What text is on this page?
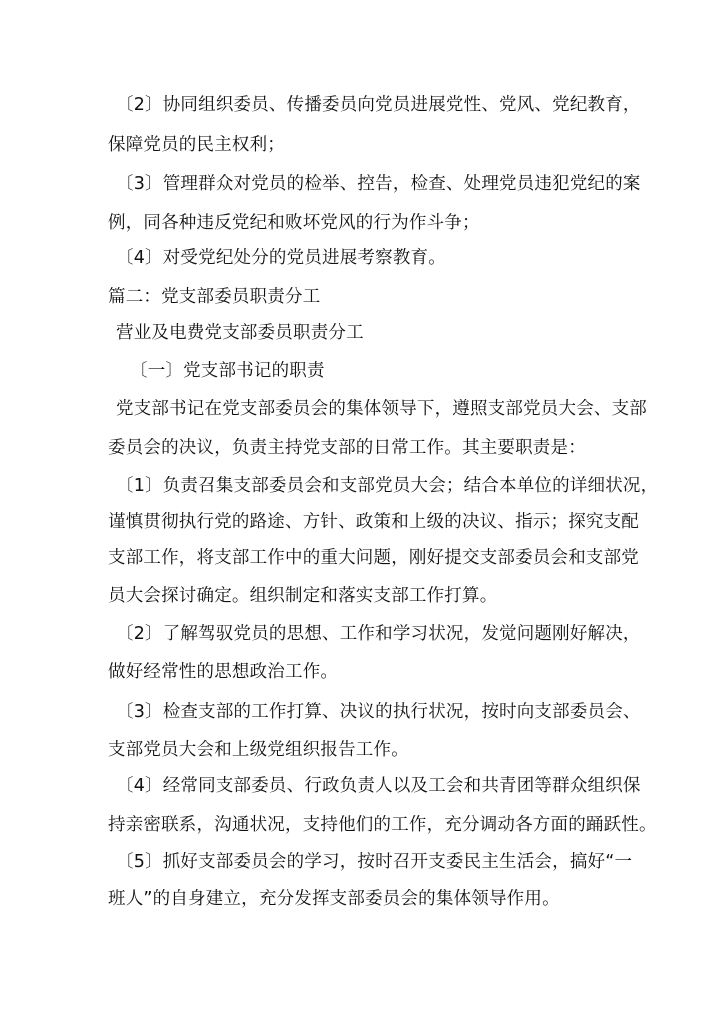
〔2〕协同组织委员、传播委员向党员进展党性、党风、党纪教育，
保障党员的民主权利；
〔3〕管理群众对党员的检举、控告，检查、处理党员违犯党纪的案
例，同各种违反党纪和败坏党风的行为作斗争；
〔4〕对受党纪处分的党员进展考察教育。
篇二：党支部委员职责分工
营业及电费党支部委员职责分工
〔一〕党支部书记的职责
党支部书记在党支部委员会的集体领导下，遵照支部党员大会、支部
委员会的决议，负责主持党支部的日常工作。其主要职责是：
〔1〕负责召集支部委员会和支部党员大会；结合本单位的详细状况，
谨慎贯彻执行党的路途、方针、政策和上级的决议、指示；探究支配
支部工作，将支部工作中的重大问题，刚好提交支部委员会和支部党
员大会探讨确定。组织制定和落实支部工作打算。
〔2〕了解驾驭党员的思想、工作和学习状况，发觉问题刚好解决，
做好经常性的思想政治工作。
〔3〕检查支部的工作打算、决议的执行状况，按时向支部委员会、
支部党员大会和上级党组织报告工作。
〔4〕经常同支部委员、行政负责人以及工会和共青团等群众组织保
持亲密联系，沟通状况，支持他们的工作，充分调动各方面的踊跃性。
〔5〕抓好支部委员会的学习，按时召开支委民主生活会，搞好“一
班人”的自身建立，充分发挥支部委员会的集体领导作用。
